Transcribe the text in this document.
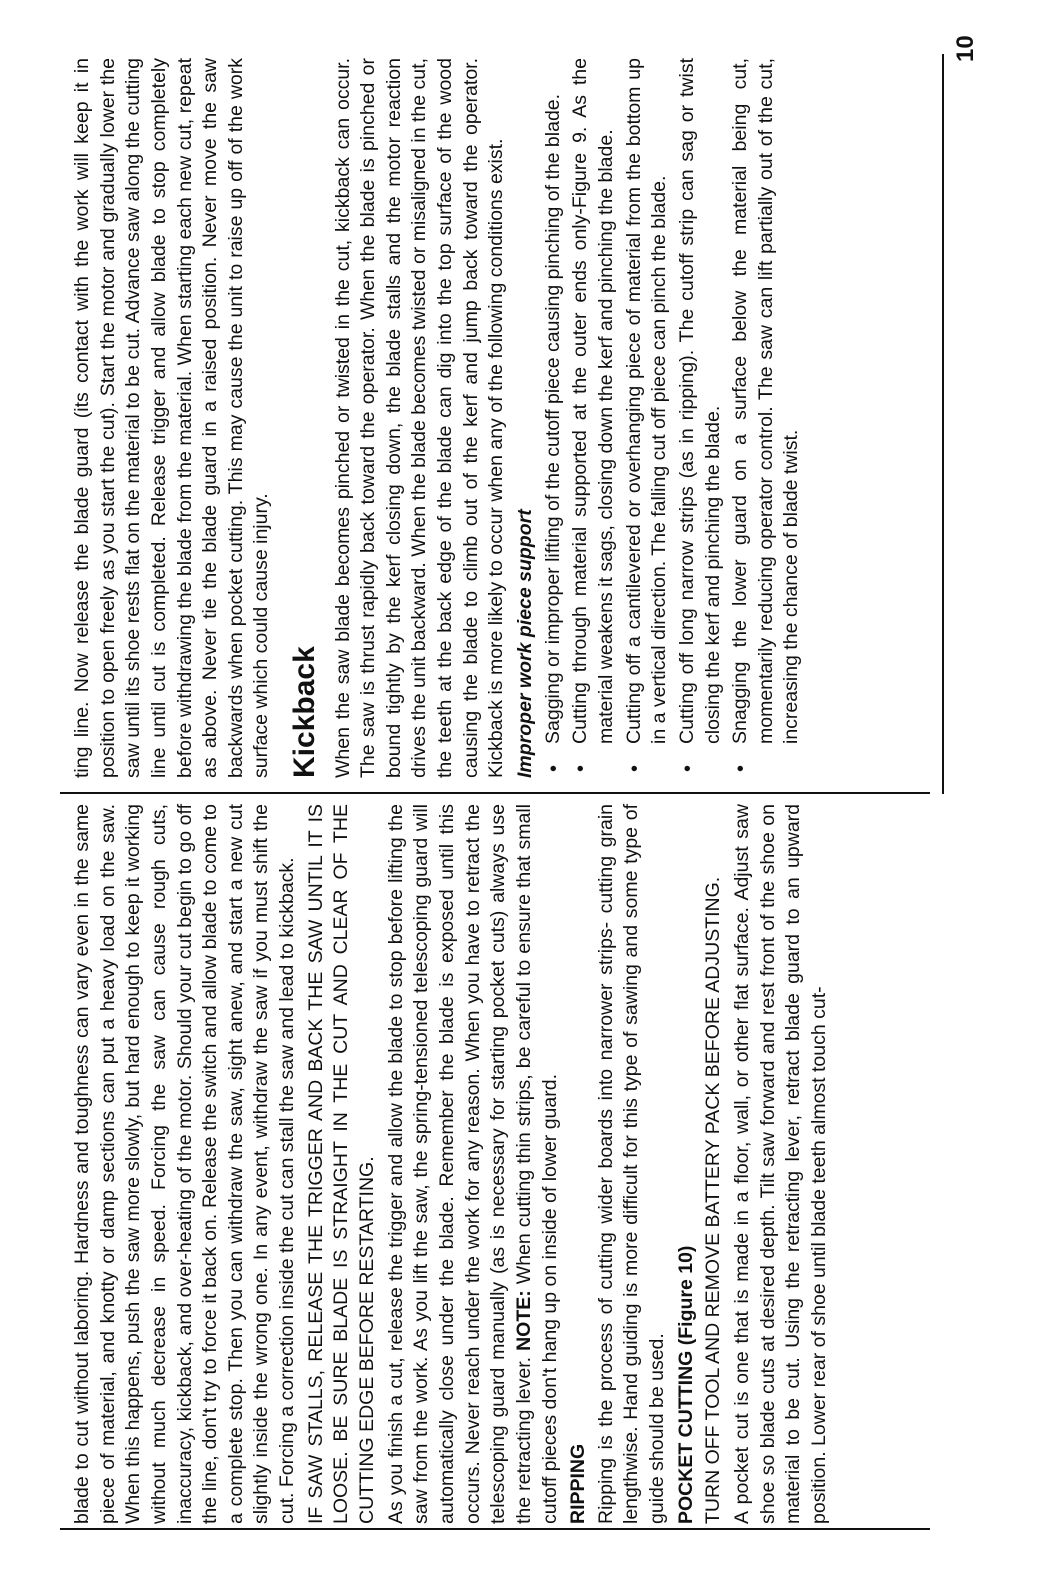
blade to cut without laboring. Hardness and toughness can vary even in the same piece of material, and knotty or damp sections can put a heavy load on the saw. When this happens, push the saw more slowly, but hard enough to keep it working without much decrease in speed. Forcing the saw can cause rough cuts, inaccuracy, kickback, and over-heating of the motor. Should your cut begin to go off the line, don't try to force it back on. Release the switch and allow blade to come to a complete stop. Then you can withdraw the saw, sight anew, and start a new cut slightly inside the wrong one. In any event, withdraw the saw if you must shift the cut. Forcing a correction inside the cut can stall the saw and lead to kickback. IF SAW STALLS, RELEASE THE TRIGGER AND BACK THE SAW UNTIL IT IS LOOSE. BE SURE BLADE IS STRAIGHT IN THE CUT AND CLEAR OF THE CUTTING EDGE BEFORE RESTARTING. As you finish a cut, release the trigger and allow the blade to stop before lifting the saw from the work. As you lift the saw, the spring-tensioned telescoping guard will automatically close under the blade. Remember the blade is exposed until this occurs. Never reach under the work for any reason. When you have to retract the telescoping guard manually (as is necessary for starting pocket cuts) always use the retracting lever. NOTE: When cutting thin strips, be careful to ensure that small cutoff pieces don't hang up on inside of lower guard. RIPPING Ripping is the process of cutting wider boards into narrower strips- cutting grain lengthwise. Hand guiding is more difficult for this type of sawing and some type of guide should be used. POCKET CUTTING (Figure 10) TURN OFF TOOL AND REMOVE BATTERY PACK BEFORE ADJUSTING. A pocket cut is one that is made in a floor, wall, or other flat surface. Adjust saw shoe so blade cuts at desired depth. Tilt saw forward and rest front of the shoe on material to be cut. Using the retracting lever, retract blade guard to an upward position. Lower rear of shoe until blade teeth almost touch cut-

ting line. Now release the blade guard (its contact with the work will keep it in position to open freely as you start the cut). Start the motor and gradually lower the saw until its shoe rests flat on the material to be cut. Advance saw along the cutting line until cut is completed. Release trigger and allow blade to stop completely before withdrawing the blade from the material. When starting each new cut, repeat as above. Never tie the blade guard in a raised position. Never move the saw backwards when pocket cutting. This may cause the unit to raise up off of the work surface which could cause injury. Kickback When the saw blade becomes pinched or twisted in the cut, kickback can occur. The saw is thrust rapidly back toward the operator. When the blade is pinched or bound tightly by the kerf closing down, the blade stalls and the motor reaction drives the unit backward. When the blade becomes twisted or misaligned in the cut, the teeth at the back edge of the blade can dig into the top surface of the wood causing the blade to climb out of the kerf and jump back toward the operator. Kickback is more likely to occur when any of the following conditions exist. Improper work piece support • Sagging or improper lifting of the cutoff piece causing pinching of the blade. • Cutting through material supported at the outer ends only-Figure 9. As the material weakens it sags, closing down the kerf and pinching the blade. • Cutting off a cantilevered or overhanging piece of material from the bottom up in a vertical direction. The falling cut off piece can pinch the blade. • Cutting off long narrow strips (as in ripping). The cutoff strip can sag or twist closing the kerf and pinching the blade. • Snagging the lower guard on a surface below the material being cut, momentarily reducing operator control. The saw can lift partially out of the cut, increasing the chance of blade twist.
10
